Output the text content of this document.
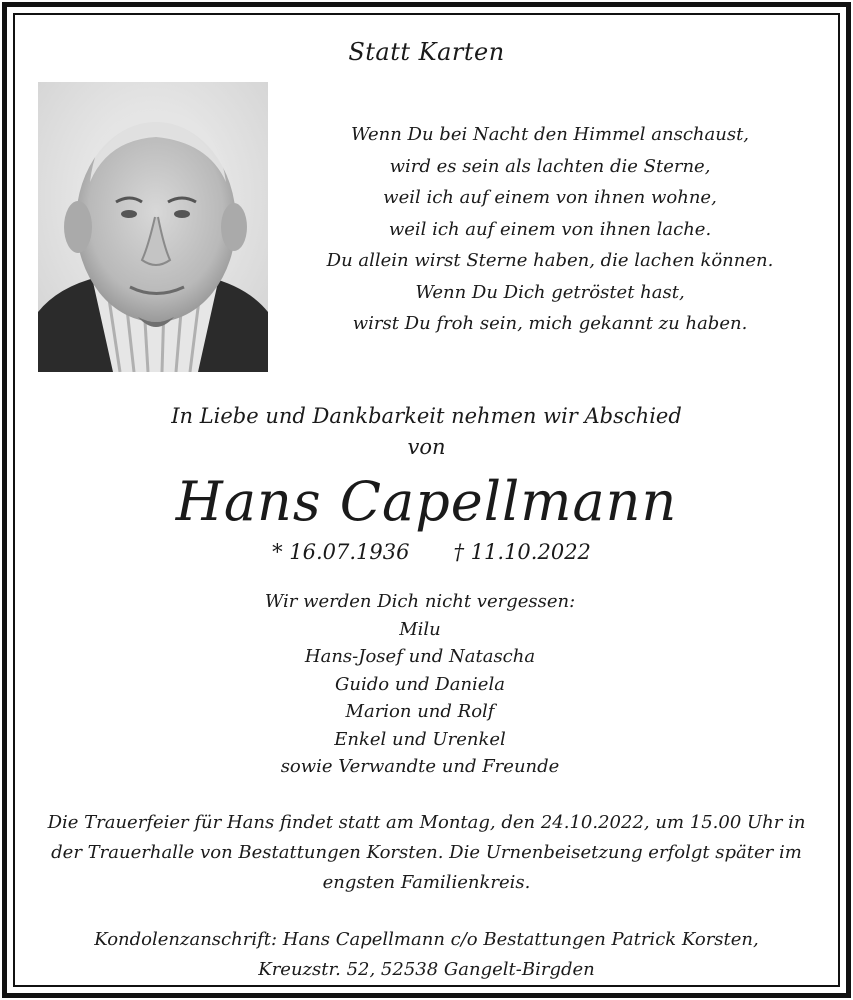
Statt Karten
Wenn Du bei Nacht den Himmel anschaust,
wird es sein als lachten die Sterne,
weil ich auf einem von ihnen wohne,
weil ich auf einem von ihnen lache.
Du allein wirst Sterne haben, die lachen können.
Wenn Du Dich getröstet hast,
wirst Du froh sein, mich gekannt zu haben.
In Liebe und Dankbarkeit nehmen wir Abschied
von
Hans Capellmann
* 16.07.1936 † 11.10.2022
Wir werden Dich nicht vergessen:
Milu
Hans-Josef und Natascha
Guido und Daniela
Marion und Rolf
Enkel und Urenkel
sowie Verwandte und Freunde
Die Trauerfeier für Hans findet statt am Montag, den 24.10.2022, um 15.00 Uhr in
der Trauerhalle von Bestattungen Korsten. Die Urnenbeisetzung erfolgt später im
engsten Familienkreis.
Kondolenzanschrift: Hans Capellmann c/o Bestattungen Patrick Korsten,
Kreuzstr. 52, 52538 Gangelt-Birgden
